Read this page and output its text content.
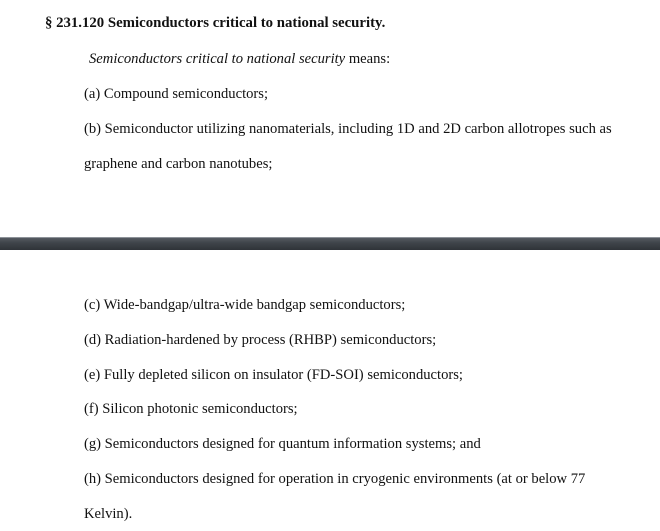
§ 231.120 Semiconductors critical to national security.
Semiconductors critical to national security means:
(a) Compound semiconductors;
(b) Semiconductor utilizing nanomaterials, including 1D and 2D carbon allotropes such as
graphene and carbon nanotubes;
(c) Wide-bandgap/ultra-wide bandgap semiconductors;
(d) Radiation-hardened by process (RHBP) semiconductors;
(e) Fully depleted silicon on insulator (FD-SOI) semiconductors;
(f) Silicon photonic semiconductors;
(g) Semiconductors designed for quantum information systems; and
(h) Semiconductors designed for operation in cryogenic environments (at or below 77
Kelvin).
